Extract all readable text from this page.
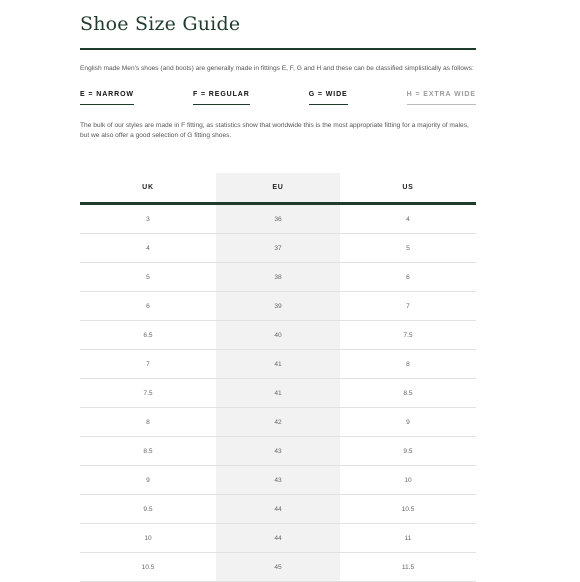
Shoe Size Guide
English made Men's shoes (and boots) are generally made in fittings E, F, G and H and these can be classified simplistically as follows:
E = NARROW	F = REGULAR	G = WIDE	H = EXTRA WIDE
The bulk of our styles are made in F fitting, as statistics show that worldwide this is the most appropriate fitting for a majority of males, but we also offer a good selection of G fitting shoes.
UK	EU	US
3	36	4
4	37	5
5	38	6
6	39	7
6.5	40	7.5
7	41	8
7.5	41	8.5
8	42	9
8.5	43	9.5
9	43	10
9.5	44	10.5
10	44	11
10.5	45	11.5
